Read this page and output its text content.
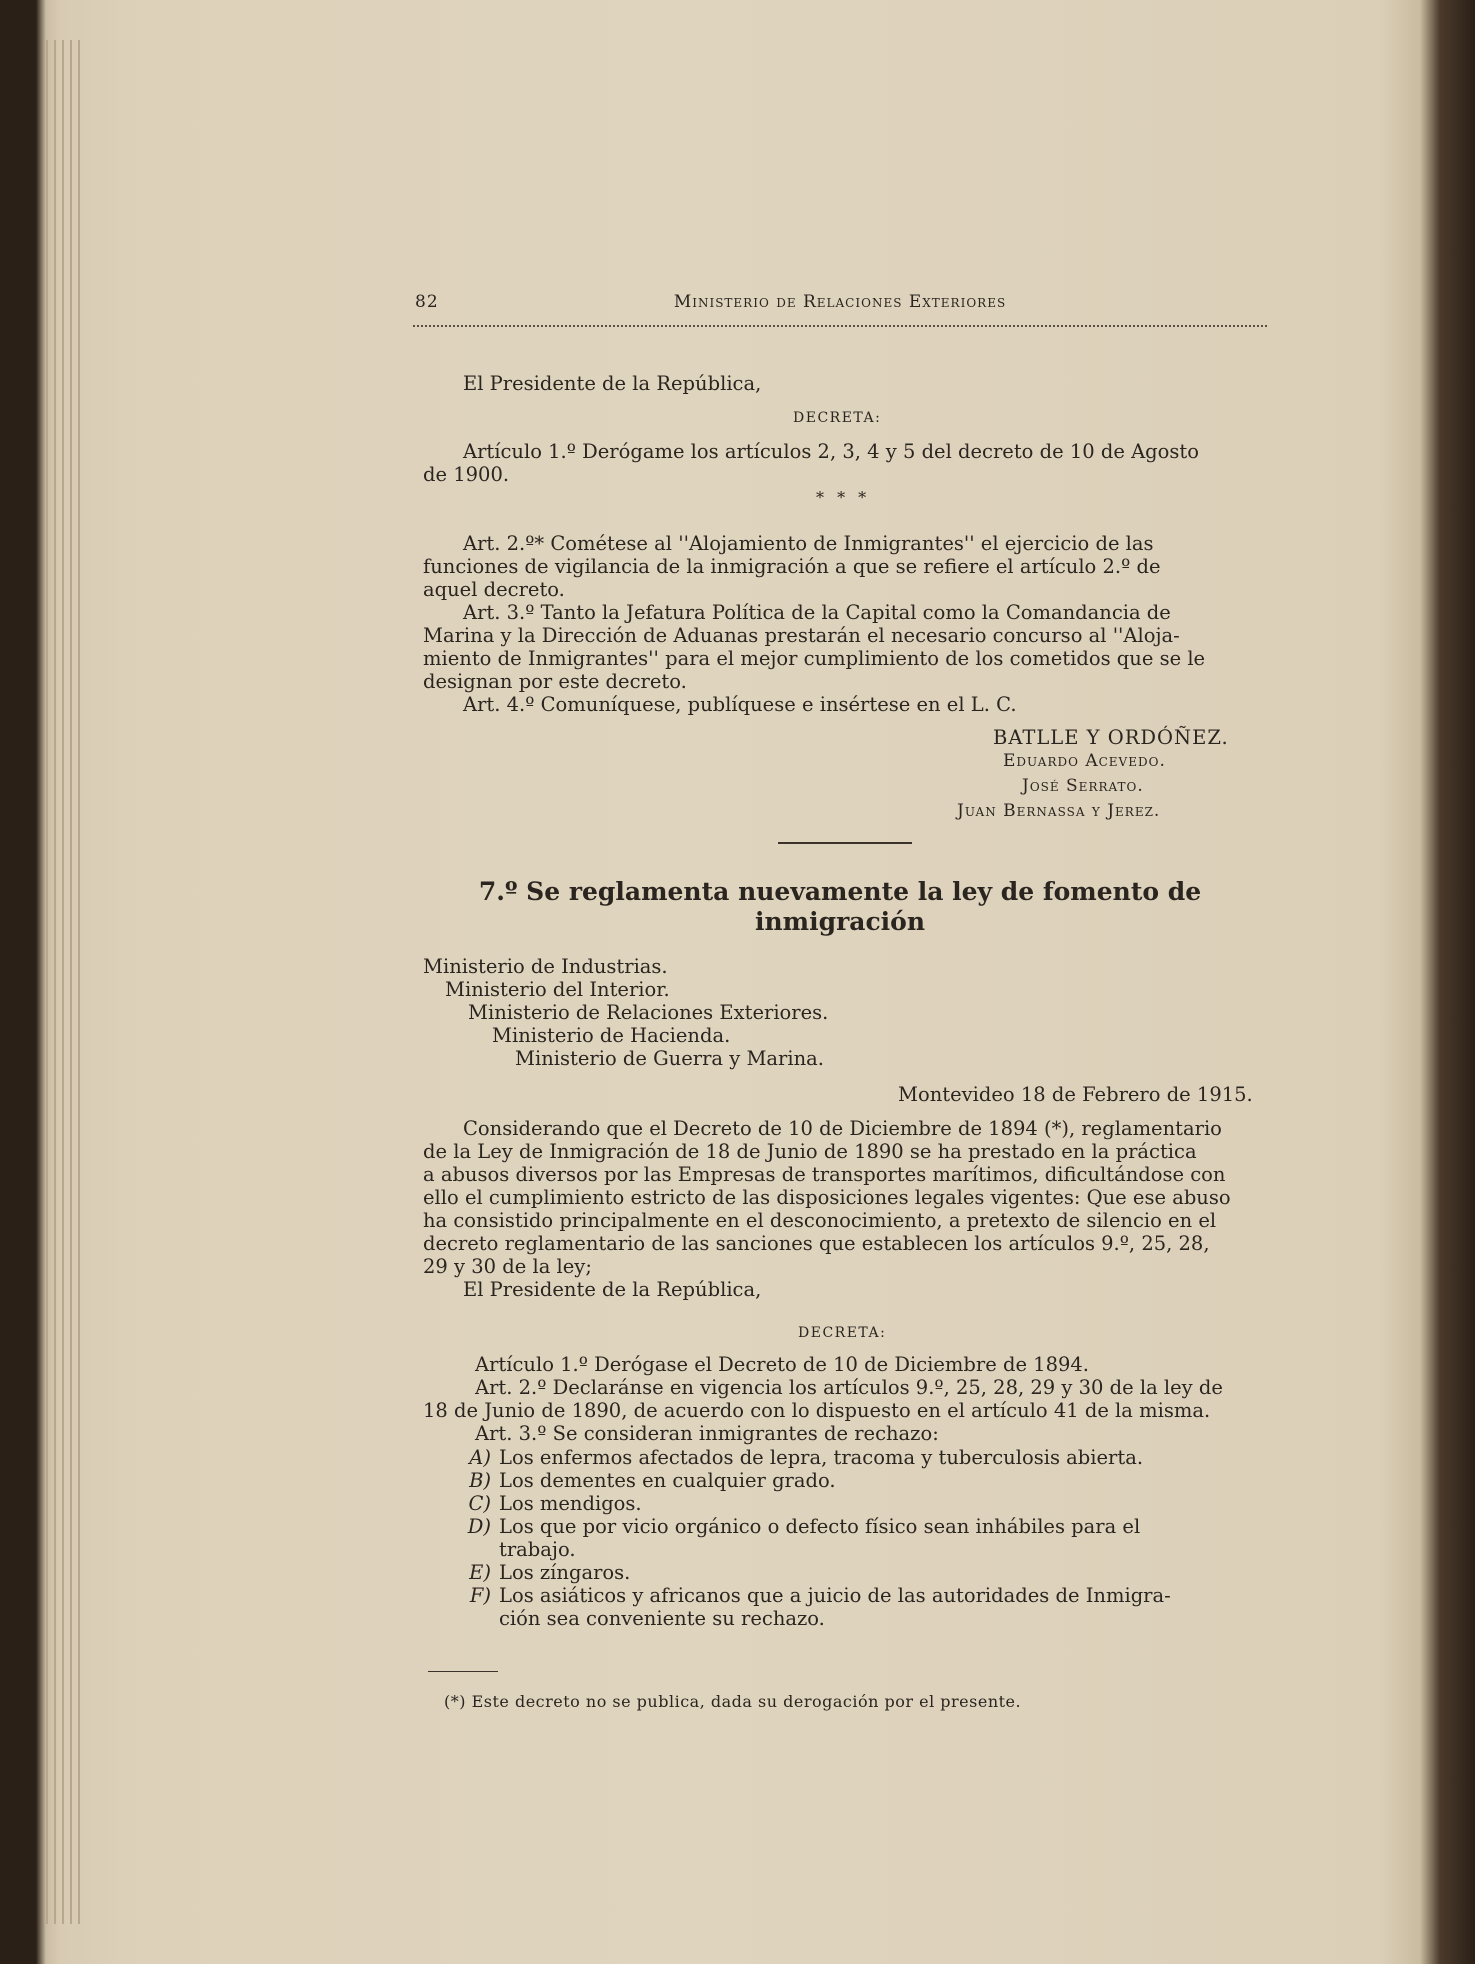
82	Ministerio de Relaciones Exteriores
El Presidente de la República,
DECRETA:
Artículo 1.º Derógame los artículos 2, 3, 4 y 5 del decreto de 10 de Agosto
de 1900.
* * *
Art. 2.º* Cométese al ''Alojamiento de Inmigrantes'' el ejercicio de las
funciones de vigilancia de la inmigración a que se refiere el artículo 2.º de
aquel decreto.
Art. 3.º Tanto la Jefatura Política de la Capital como la Comandancia de
Marina y la Dirección de Aduanas prestarán el necesario concurso al ''Aloja-
miento de Inmigrantes'' para el mejor cumplimiento de los cometidos que se le
designan por este decreto.
Art. 4.º Comuníquese, publíquese e insértese en el L. C.
BATLLE Y ORDÓÑEZ.
Eduardo Acevedo.
José Serrato.
Juan Bernassa y Jerez.
7.º Se reglamenta nuevamente la ley de fomento de
inmigración
Ministerio de Industrias.
Ministerio del Interior.
Ministerio de Relaciones Exteriores.
Ministerio de Hacienda.
Ministerio de Guerra y Marina.
Montevideo 18 de Febrero de 1915.
Considerando que el Decreto de 10 de Diciembre de 1894 (*), reglamentario
de la Ley de Inmigración de 18 de Junio de 1890 se ha prestado en la práctica
a abusos diversos por las Empresas de transportes marítimos, dificultándose con
ello el cumplimiento estricto de las disposiciones legales vigentes: Que ese abuso
ha consistido principalmente en el desconocimiento, a pretexto de silencio en el
decreto reglamentario de las sanciones que establecen los artículos 9.º, 25, 28,
29 y 30 de la ley;
El Presidente de la República,
DECRETA:
Artículo 1.º Derógase el Decreto de 10 de Diciembre de 1894.
Art. 2.º Declaránse en vigencia los artículos 9.º, 25, 28, 29 y 30 de la ley de
18 de Junio de 1890, de acuerdo con lo dispuesto en el artículo 41 de la misma.
Art. 3.º Se consideran inmigrantes de rechazo:
A) Los enfermos afectados de lepra, tracoma y tuberculosis abierta.
B) Los dementes en cualquier grado.
C) Los mendigos.
D) Los que por vicio orgánico o defecto físico sean inhábiles para el
trabajo.
E) Los zíngaros.
F) Los asiáticos y africanos que a juicio de las autoridades de Inmigra-
ción sea conveniente su rechazo.
(*) Este decreto no se publica, dada su derogación por el presente.
